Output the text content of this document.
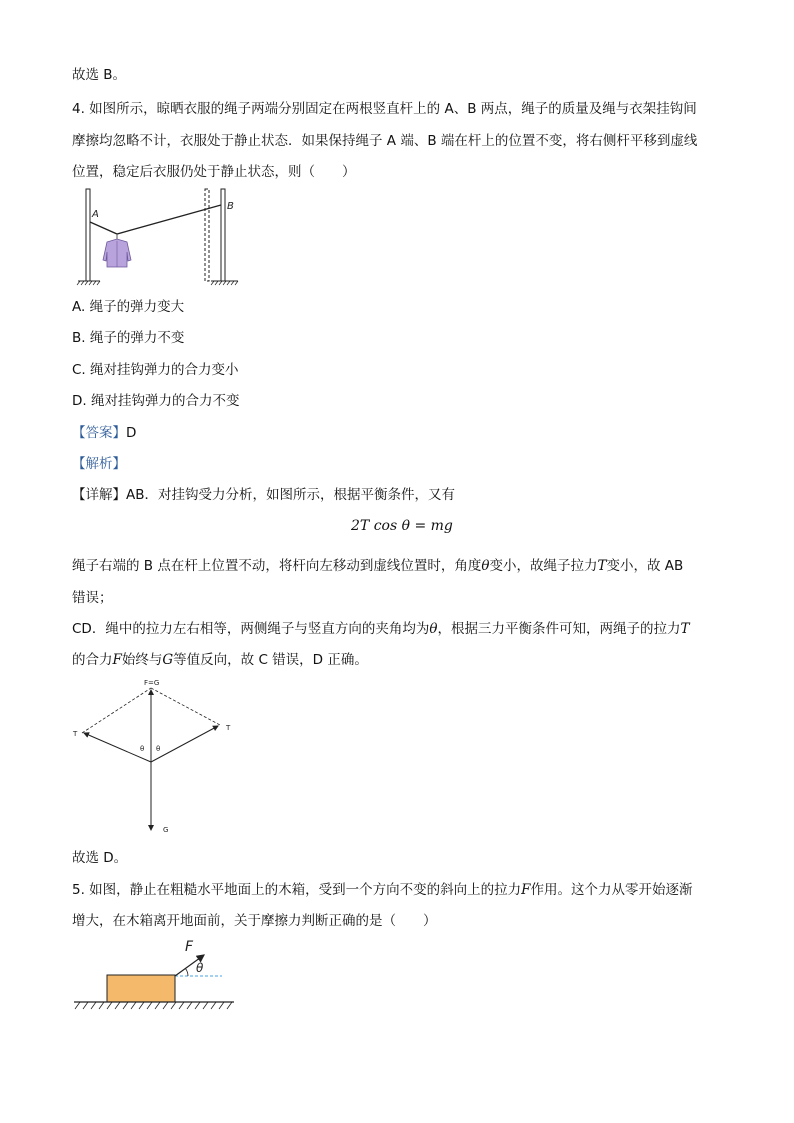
故选 B。
4. 如图所示，晾晒衣服的绳子两端分别固定在两根竖直杆上的 A、B 两点，绳子的质量及绳与衣架挂钩间
摩擦均忽略不计，衣服处于静止状态．如果保持绳子 A 端、B 端在杆上的位置不变，将右侧杆平移到虚线
位置，稳定后衣服仍处于静止状态，则（　　）
A
B
A. 绳子的弹力变大
B. 绳子的弹力不变
C. 绳对挂钩弹力的合力变小
D. 绳对挂钩弹力的合力不变
【答案】D
【解析】
【详解】AB．对挂钩受力分析，如图所示，根据平衡条件，又有
2T cos θ = mg
绳子右端的 B 点在杆上位置不动，将杆向左移动到虚线位置时，角度θ变小，故绳子拉力T变小，故 AB
错误；
CD．绳中的拉力左右相等，两侧绳子与竖直方向的夹角均为θ，根据三力平衡条件可知，两绳子的拉力T
的合力F始终与G等值反向，故 C 错误，D 正确。
F=G
T
T
θ θ
G
故选 D。
5. 如图，静止在粗糙水平地面上的木箱，受到一个方向不变的斜向上的拉力F作用。这个力从零开始逐渐
增大，在木箱离开地面前，关于摩擦力判断正确的是（　　）
F
θ
